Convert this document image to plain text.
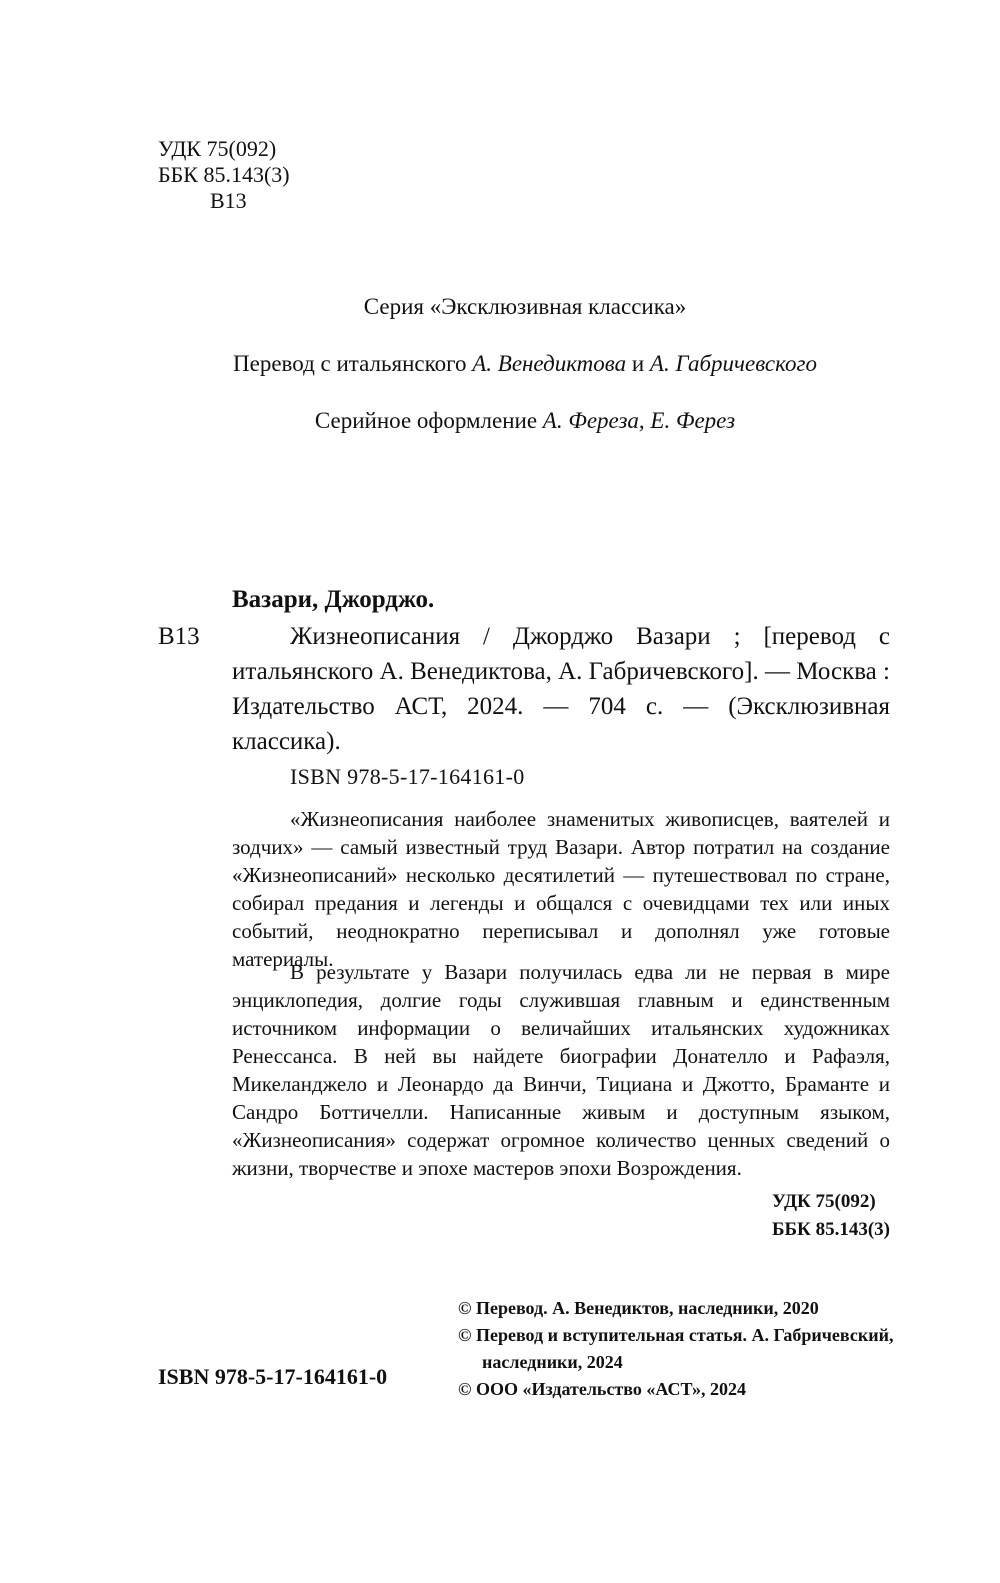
УДК 75(092)
ББК 85.143(3)
В13
Серия «Эксклюзивная классика»
Перевод с итальянского А. Венедиктова и А. Габричевского
Серийное оформление А. Фереза, Е. Ферез
Вазари, Джорджо.
В13	Жизнеописания / Джорджо Вазари ; [перевод с итальянского А. Венедиктова, А. Габричевского]. — Москва : Издательство АСТ, 2024. — 704 с. — (Эксклюзивная классика).
ISBN 978-5-17-164161-0
«Жизнеописания наиболее знаменитых живописцев, ваятелей и зодчих» — самый известный труд Вазари. Автор потратил на создание «Жизнеописаний» несколько десятилетий — путешествовал по стране, собирал предания и легенды и общался с очевидцами тех или иных событий, неоднократно переписывал и дополнял уже готовые материалы.
В результате у Вазари получилась едва ли не первая в мире энциклопедия, долгие годы служившая главным и единственным источником информации о величайших итальянских художниках Ренессанса. В ней вы найдете биографии Донателло и Рафаэля, Микеланджело и Леонардо да Винчи, Тициана и Джотто, Браманте и Сандро Боттичелли. Написанные живым и доступным языком, «Жизнеописания» содержат огромное количество ценных сведений о жизни, творчестве и эпохе мастеров эпохи Возрождения.
УДК 75(092)
ББК 85.143(3)
© Перевод. А. Венедиктов, наследники, 2020
© Перевод и вступительная статья. А. Габричевский,
наследники, 2024
© ООО «Издательство «АСТ», 2024
ISBN 978-5-17-164161-0
